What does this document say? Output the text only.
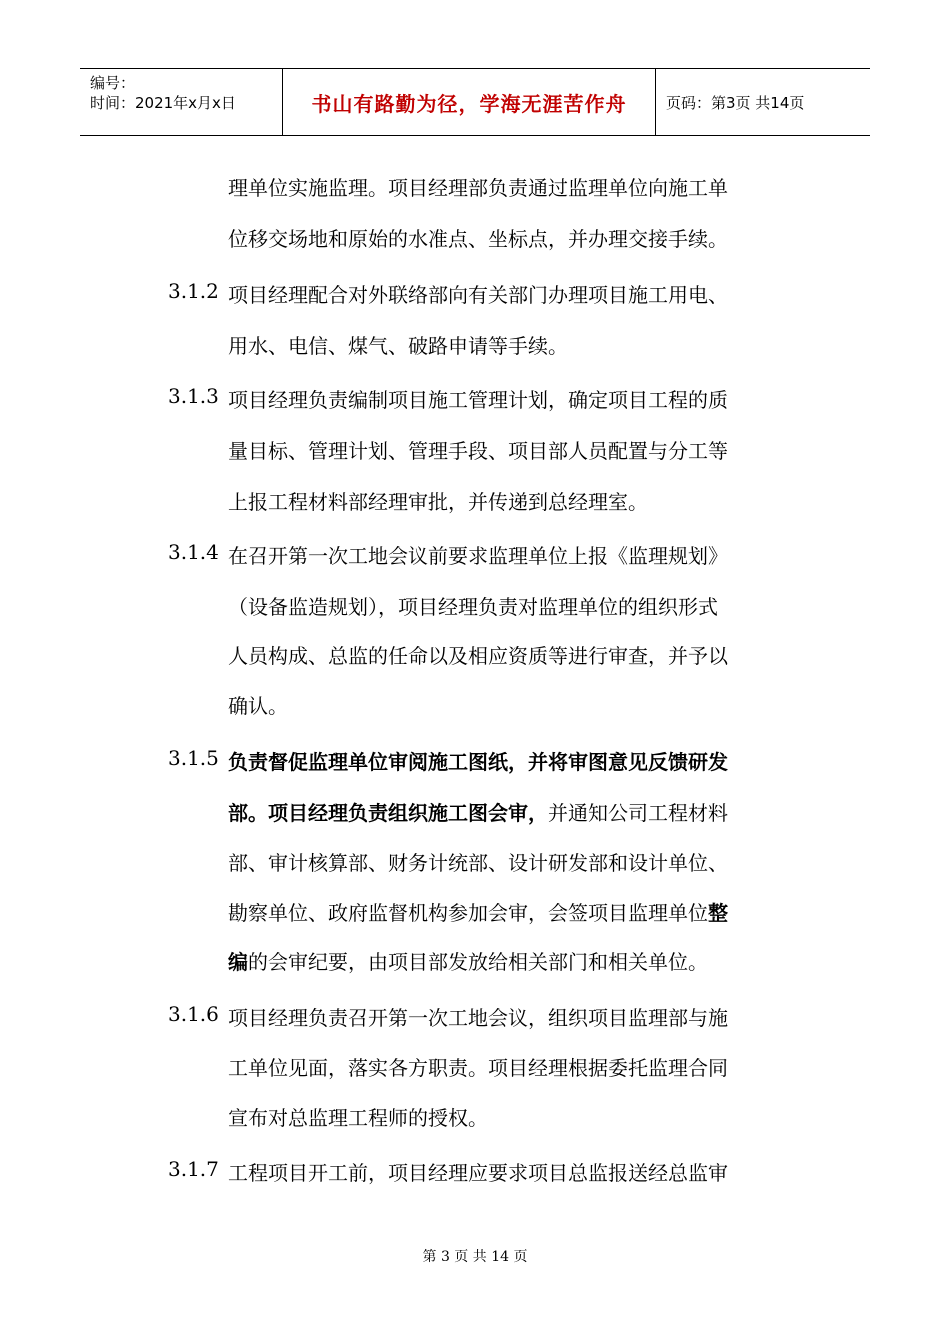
编号：
时间：2021年x月x日	书山有路勤为径，学海无涯苦作舟	页码：第3页 共14页
理单位实施监理。项目经理部负责通过监理单位向施工单
位移交场地和原始的水准点、坐标点，并办理交接手续。
3.1.2 项目经理配合对外联络部向有关部门办理项目施工用电、
用水、电信、煤气、破路申请等手续。
3.1.3 项目经理负责编制项目施工管理计划，确定项目工程的质
量目标、管理计划、管理手段、项目部人员配置与分工等
上报工程材料部经理审批，并传递到总经理室。
3.1.4 在召开第一次工地会议前要求监理单位上报《监理规划》
（设备监造规划），项目经理负责对监理单位的组织形式
人员构成、总监的任命以及相应资质等进行审查，并予以
确认。
3.1.5 负责督促监理单位审阅施工图纸，并将审图意见反馈研发
部。项目经理负责组织施工图会审，并通知公司工程材料
部、审计核算部、财务计统部、设计研发部和设计单位、
勘察单位、政府监督机构参加会审，会签项目监理单位整
编的会审纪要，由项目部发放给相关部门和相关单位。
3.1.6 项目经理负责召开第一次工地会议，组织项目监理部与施
工单位见面，落实各方职责。项目经理根据委托监理合同
宣布对总监理工程师的授权。
3.1.7 工程项目开工前，项目经理应要求项目总监报送经总监审
第 3 页 共 14 页
